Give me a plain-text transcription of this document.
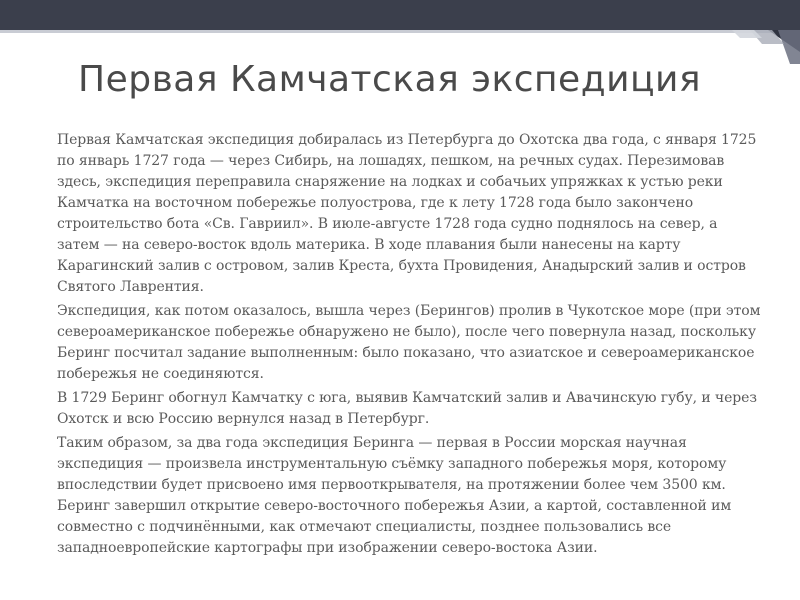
Первая Камчатская экспедиция

Первая Камчатская экспедиция добиралась из Петербурга до Охотска два года, с января 1725 по январь 1727 года — через Сибирь, на лошадях, пешком, на речных судах. Перезимовав здесь, экспедиция переправила снаряжение на лодках и собачьих упряжках к устью реки Камчатка на восточном побережье полуострова, где к лету 1728 года было закончено строительство бота «Св. Гавриил». В июле-августе 1728 года судно поднялось на север, а затем — на северо-восток вдоль материка. В ходе плавания были нанесены на карту Карагинский залив с островом, залив Креста, бухта Провидения, Анадырский залив и остров Святого Лаврентия.

Экспедиция, как потом оказалось, вышла через (Берингов) пролив в Чукотское море (при этом североамериканское побережье обнаружено не было), после чего повернула назад, поскольку Беринг посчитал задание выполненным: было показано, что азиатское и североамериканское побережья не соединяются.

В 1729 Беринг обогнул Камчатку с юга, выявив Камчатский залив и Авачинскую губу, и через Охотск и всю Россию вернулся назад в Петербург.

Таким образом, за два года экспедиция Беринга — первая в России морская научная экспедиция — произвела инструментальную съёмку западного побережья моря, которому впоследствии будет присвоено имя первооткрывателя, на протяжении более чем 3500 км. Беринг завершил открытие северо-восточного побережья Азии, а картой, составленной им совместно с подчинёнными, как отмечают специалисты, позднее пользовались все западноевропейские картографы при изображении северо-востока Азии.
